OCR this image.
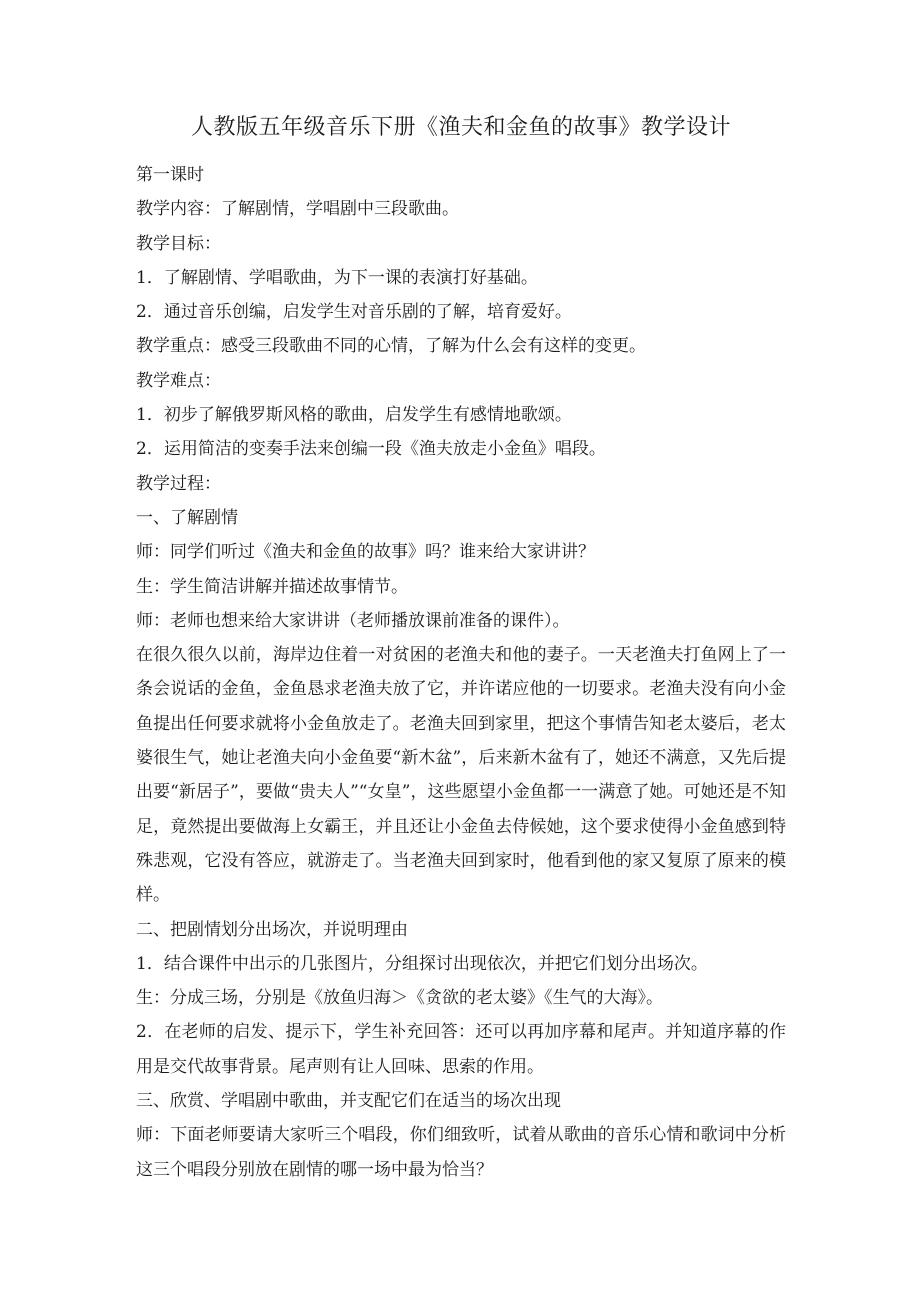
人教版五年级音乐下册《渔夫和金鱼的故事》教学设计

第一课时

教学内容：了解剧情，学唱剧中三段歌曲。

教学目标：

1．了解剧情、学唱歌曲，为下一课的表演打好基础。

2．通过音乐创编，启发学生对音乐剧的了解，培育爱好。

教学重点：感受三段歌曲不同的心情，了解为什么会有这样的变更。

教学难点：

1．初步了解俄罗斯风格的歌曲，启发学生有感情地歌颂。

2．运用简洁的变奏手法来创编一段《渔夫放走小金鱼》唱段。

教学过程：

一、了解剧情

师：同学们听过《渔夫和金鱼的故事》吗？谁来给大家讲讲？

生：学生简洁讲解并描述故事情节。

师：老师也想来给大家讲讲（老师播放课前准备的课件）。

在很久很久以前，海岸边住着一对贫困的老渔夫和他的妻子。一天老渔夫打鱼网上了一条会说话的金鱼，金鱼恳求老渔夫放了它，并许诺应他的一切要求。老渔夫没有向小金鱼提出任何要求就将小金鱼放走了。老渔夫回到家里，把这个事情告知老太婆后，老太婆很生气，她让老渔夫向小金鱼要“新木盆”，后来新木盆有了，她还不满意，又先后提出要“新居子”，要做“贵夫人”“女皇”，这些愿望小金鱼都一一满意了她。可她还是不知足，竟然提出要做海上女霸王，并且还让小金鱼去侍候她，这个要求使得小金鱼感到特殊悲观，它没有答应，就游走了。当老渔夫回到家时，他看到他的家又复原了原来的模样。

二、把剧情划分出场次，并说明理由

1．结合课件中出示的几张图片，分组探讨出现依次，并把它们划分出场次。

生：分成三场，分别是《放鱼归海＞《贪欲的老太婆》《生气的大海》。

2．在老师的启发、提示下，学生补充回答：还可以再加序幕和尾声。并知道序幕的作用是交代故事背景。尾声则有让人回味、思索的作用。

三、欣赏、学唱剧中歌曲，并支配它们在适当的场次出现

师：下面老师要请大家听三个唱段，你们细致听，试着从歌曲的音乐心情和歌词中分析这三个唱段分别放在剧情的哪一场中最为恰当？
